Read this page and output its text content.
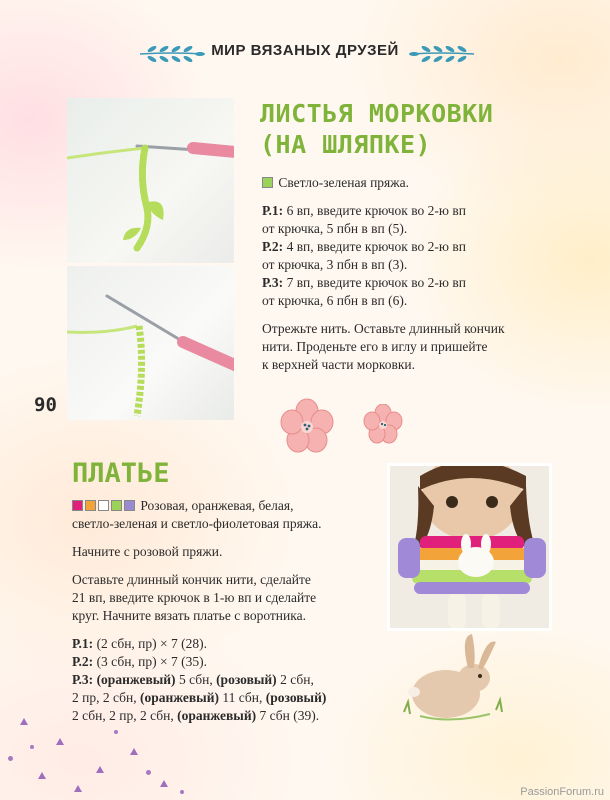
МИР ВЯЗАНЫХ ДРУЗЕЙ
90
ЛИСТЬЯ МОРКОВКИ
(НА ШЛЯПКЕ)

Светло-зеленая пряжа.

Р.1: 6 вп, введите крючок во 2-ю вп

от крючка, 5 пбн в вп (5).

Р.2: 4 вп, введите крючок во 2-ю вп

от крючка, 3 пбн в вп (3).

Р.3: 7 вп, введите крючок во 2-ю вп

от крючка, 6 пбн в вп (6).

Отрежьте нить. Оставьте длинный кончик

нити. Проденьте его в иглу и пришейте

к верхней части морковки.

ПЛАТЬЕ

Розовая, оранжевая, белая,

светло-зеленая и светло-фиолетовая пряжа.

Начните с розовой пряжи.

Оставьте длинный кончик нити, сделайте

21 вп, введите крючок в 1-ю вп и сделайте

круг. Начните вязать платье с воротника.

Р.1: (2 сбн, пр) × 7 (28).

Р.2: (3 сбн, пр) × 7 (35).

Р.3: (оранжевый) 5 сбн, (розовый) 2 сбн,

2 пр, 2 сбн, (оранжевый) 11 сбн, (розовый)

2 сбн, 2 пр, 2 сбн, (оранжевый) 7 сбн (39).

PassionForum.ru
